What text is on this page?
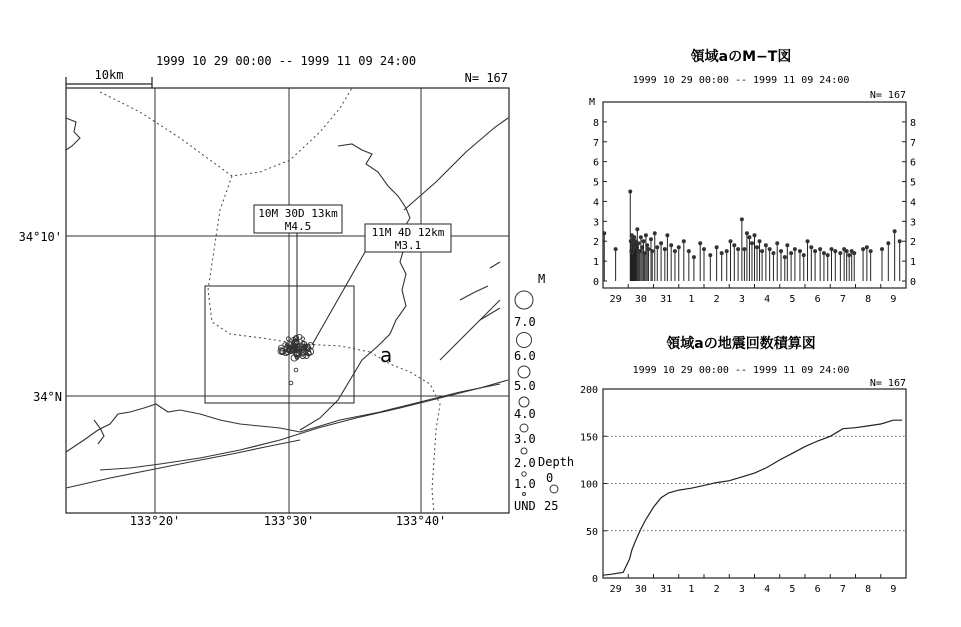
1999 10 29 00:00 -- 1999 11 09 24:00
N= 167
10km
34°10'
34°N
133°20'	133°30'	133°40'
a
10M 30D 13km
M4.5	11M 4D 12km
M3.1
M
7.0
6.0
5.0
4.0
3.0
2.0
1.0
UND
Depth
0
25
領域aのM−T図
1999 10 29 00:00 -- 1999 11 09 24:00
N= 167
M
0	0
1	1
2	2
3	3
4	4
5	5
6	6
7	7
8	8
29 30 31 1 2 3 4 5 6 7 8 9
領域aの地震回数積算図
1999 10 29 00:00 -- 1999 11 09 24:00
N= 167
0
50
100
150
200
29 30 31 1 2 3 4 5 6 7 8 9
